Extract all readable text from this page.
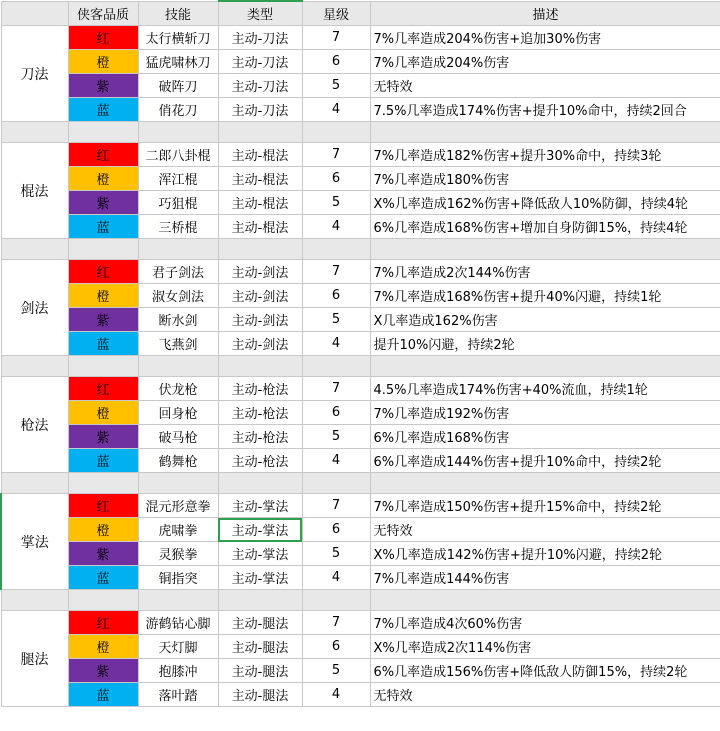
	侠客品质	技能	类型	星级	描述
刀法	红	太行横斩刀	主动-刀法	7	7%几率造成204%伤害+追加30%伤害
	橙	猛虎啸林刀	主动-刀法	6	7%几率造成204%伤害
	紫	破阵刀	主动-刀法	5	无特效
	蓝	俏花刀	主动-刀法	4	7.5%几率造成174%伤害+提升10%命中，持续2回合

棍法	红	二郎八卦棍	主动-棍法	7	7%几率造成182%伤害+提升30%命中，持续3轮
	橙	浑江棍	主动-棍法	6	7%几率造成180%伤害
	紫	巧狙棍	主动-棍法	5	X%几率造成162%伤害+降低敌人10%防御，持续4轮
	蓝	三桥棍	主动-棍法	4	6%几率造成168%伤害+增加自身防御15%，持续4轮

剑法	红	君子剑法	主动-剑法	7	7%几率造成2次144%伤害
	橙	淑女剑法	主动-剑法	6	7%几率造成168%伤害+提升40%闪避，持续1轮
	紫	断水剑	主动-剑法	5	X几率造成162%伤害
	蓝	飞燕剑	主动-剑法	4	提升10%闪避，持续2轮

枪法	红	伏龙枪	主动-枪法	7	4.5%几率造成174%伤害+40%流血，持续1轮
	橙	回身枪	主动-枪法	6	7%几率造成192%伤害
	紫	破马枪	主动-枪法	5	6%几率造成168%伤害
	蓝	鹤舞枪	主动-枪法	4	6%几率造成144%伤害+提升10%命中，持续2轮

掌法	红	混元形意拳	主动-掌法	7	7%几率造成150%伤害+提升15%命中，持续2轮
	橙	虎啸拳	主动-掌法	6	无特效
	紫	灵猴拳	主动-掌法	5	X%几率造成142%伤害+提升10%闪避，持续2轮
	蓝	铜指突	主动-掌法	4	7%几率造成144%伤害

腿法	红	游鹤钻心脚	主动-腿法	7	7%几率造成4次60%伤害
	橙	天灯脚	主动-腿法	6	X%几率造成2次114%伤害
	紫	抱膝冲	主动-腿法	5	6%几率造成156%伤害+降低敌人防御15%，持续2轮
	蓝	落叶踏	主动-腿法	4	无特效
